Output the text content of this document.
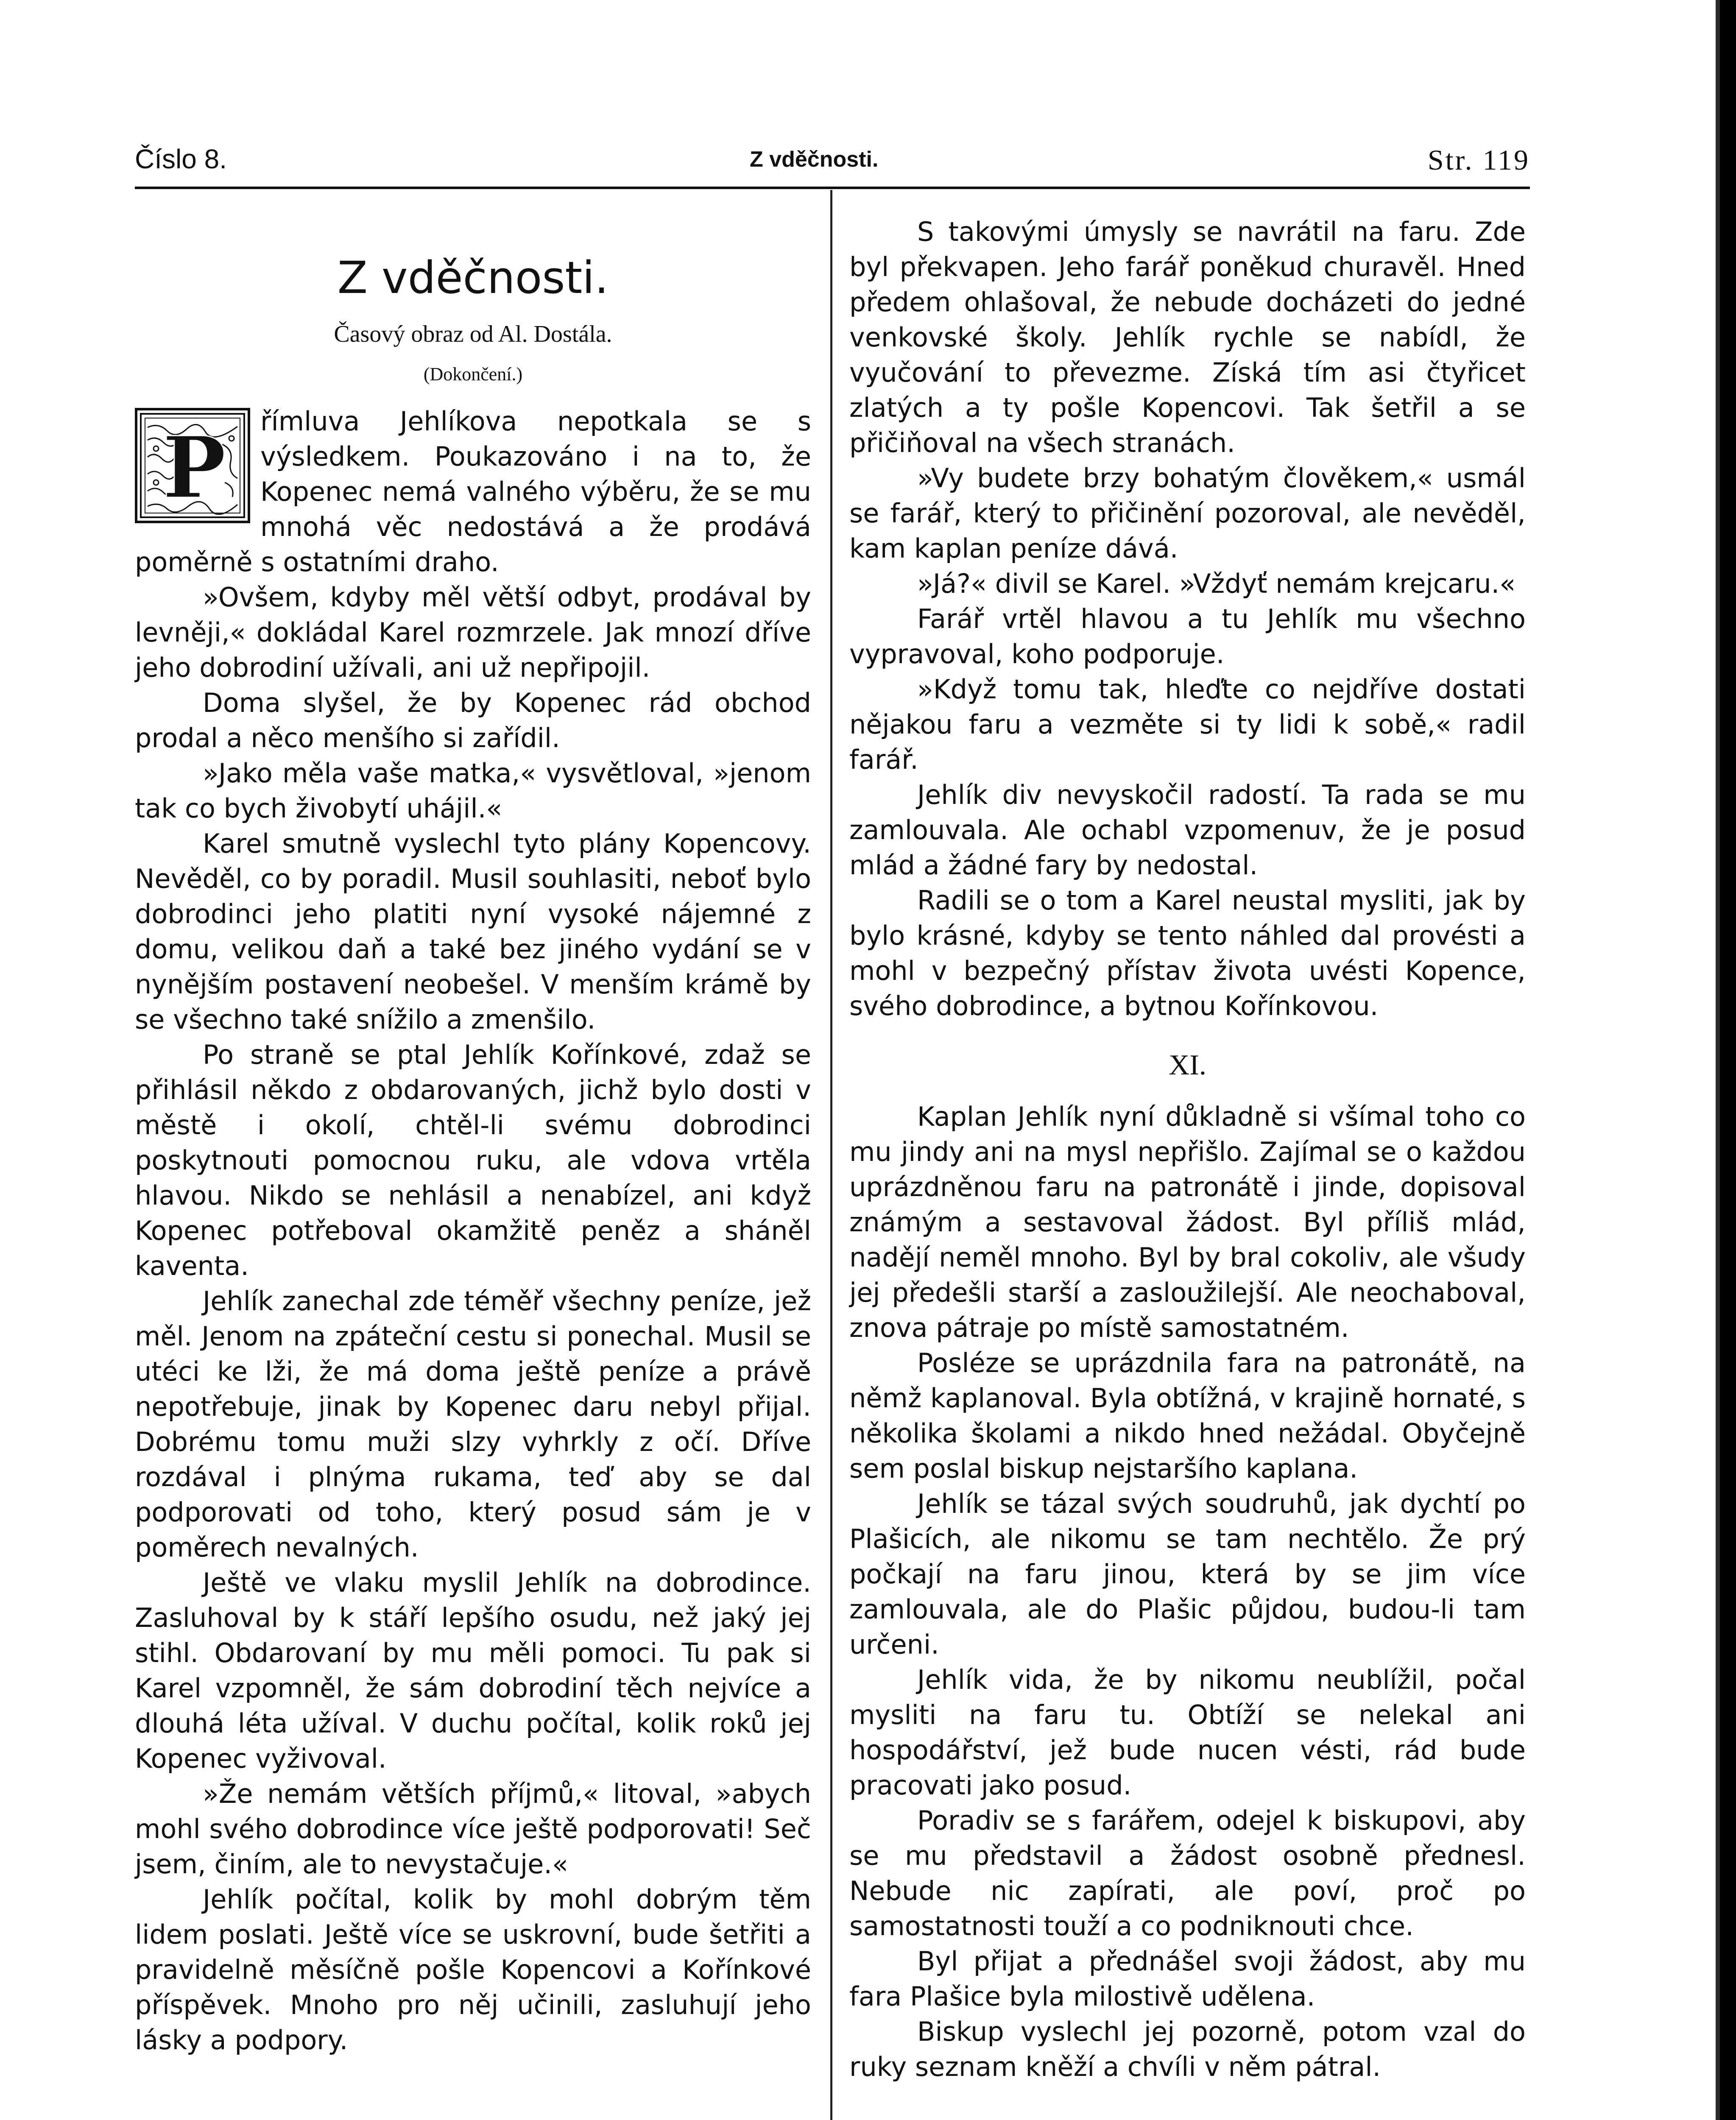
Číslo 8.	Z vděčnosti.	Str. 119
Z vděčnosti.
Časový obraz od Al. Dostála.
(Dokončení.)

P římluva Jehlíkova nepotkala se s výsledkem. Poukazováno i na to, že Kopenec nemá valného výběru, že se mu mnohá věc nedostává a že prodává poměrně s ostatními draho.

»Ovšem, kdyby měl větší odbyt, prodával by levněji,« dokládal Karel rozmrzele. Jak mnozí dříve jeho dobrodiní užívali, ani už nepřipojil.

Doma slyšel, že by Kopenec rád obchod prodal a něco menšího si zařídil.

»Jako měla vaše matka,« vysvětloval, »jenom tak co bych živobytí uhájil.«

Karel smutně vyslechl tyto plány Kopencovy. Nevěděl, co by poradil. Musil souhlasiti, neboť bylo dobrodinci jeho platiti nyní vysoké nájemné z domu, velikou daň a také bez jiného vydání se v nynějším postavení neobešel. V menším krámě by se všechno také snížilo a zmenšilo.

Po straně se ptal Jehlík Kořínkové, zdaž se přihlásil někdo z obdarovaných, jichž bylo dosti v městě i okolí, chtěl-li svému dobrodinci poskytnouti pomocnou ruku, ale vdova vrtěla hlavou. Nikdo se nehlásil a nenabízel, ani když Kopenec potřeboval okamžitě peněz a sháněl kaventa.

Jehlík zanechal zde téměř všechny peníze, jež měl. Jenom na zpáteční cestu si ponechal. Musil se utéci ke lži, že má doma ještě peníze a právě nepotřebuje, jinak by Kopenec daru nebyl přijal. Dobrému tomu muži slzy vyhrkly z očí. Dříve rozdával i plnýma rukama, teď aby se dal podporovati od toho, který posud sám je v poměrech nevalných.

Ještě ve vlaku myslil Jehlík na dobrodince. Zasluhoval by k stáří lepšího osudu, než jaký jej stihl. Obdarovaní by mu měli pomoci. Tu pak si Karel vzpomněl, že sám dobrodiní těch nejvíce a dlouhá léta užíval. V duchu počítal, kolik roků jej Kopenec vyživoval.

»Že nemám větších příjmů,« litoval, »abych mohl svého dobrodince více ještě podporovati! Seč jsem, činím, ale to nevystačuje.«

Jehlík počítal, kolik by mohl dobrým těm lidem poslati. Ještě více se uskrovní, bude šetřiti a pravidelně měsíčně pošle Kopencovi a Kořínkové příspěvek. Mnoho pro něj učinili, zasluhují jeho lásky a podpory.

S takovými úmysly se navrátil na faru. Zde byl překvapen. Jeho farář poněkud churavěl. Hned předem ohlašoval, že nebude docházeti do jedné venkovské školy. Jehlík rychle se nabídl, že vyučování to převezme. Získá tím asi čtyřicet zlatých a ty pošle Kopencovi. Tak šetřil a se přičiňoval na všech stranách.

»Vy budete brzy bohatým člověkem,« usmál se farář, který to přičinění pozoroval, ale nevěděl, kam kaplan peníze dává.

»Já?« divil se Karel. »Vždyť nemám krejcaru.«

Farář vrtěl hlavou a tu Jehlík mu všechno vypravoval, koho podporuje.

»Když tomu tak, hleďte co nejdříve dostati nějakou faru a vezměte si ty lidi k sobě,« radil farář.

Jehlík div nevyskočil radostí. Ta rada se mu zamlouvala. Ale ochabl vzpomenuv, že je posud mlád a žádné fary by nedostal.

Radili se o tom a Karel neustal mysliti, jak by bylo krásné, kdyby se tento náhled dal provésti a mohl v bezpečný přístav života uvésti Kopence, svého dobrodince, a bytnou Kořínkovou.

XI.

Kaplan Jehlík nyní důkladně si všímal toho co mu jindy ani na mysl nepřišlo. Zajímal se o každou uprázdněnou faru na patronátě i jinde, dopisoval známým a sestavoval žádost. Byl příliš mlád, nadějí neměl mnoho. Byl by bral cokoliv, ale všudy jej předešli starší a zasloužilejší. Ale neochaboval, znova pátraje po místě samostatném.

Posléze se uprázdnila fara na patronátě, na němž kaplanoval. Byla obtížná, v krajině hornaté, s několika školami a nikdo hned nežádal. Obyčejně sem poslal biskup nejstaršího kaplana.

Jehlík se tázal svých soudruhů, jak dychtí po Plašicích, ale nikomu se tam nechtělo. Že prý počkají na faru jinou, která by se jim více zamlouvala, ale do Plašic půjdou, budou-li tam určeni.

Jehlík vida, že by nikomu neublížil, počal mysliti na faru tu. Obtíží se nelekal ani hospodářství, jež bude nucen vésti, rád bude pracovati jako posud.

Poradiv se s farářem, odejel k biskupovi, aby se mu představil a žádost osobně přednesl. Nebude nic zapírati, ale poví, proč po samostatnosti touží a co podniknouti chce.

Byl přijat a přednášel svoji žádost, aby mu fara Plašice byla milostivě udělena.

Biskup vyslechl jej pozorně, potom vzal do ruky seznam kněží a chvíli v něm pátral.
